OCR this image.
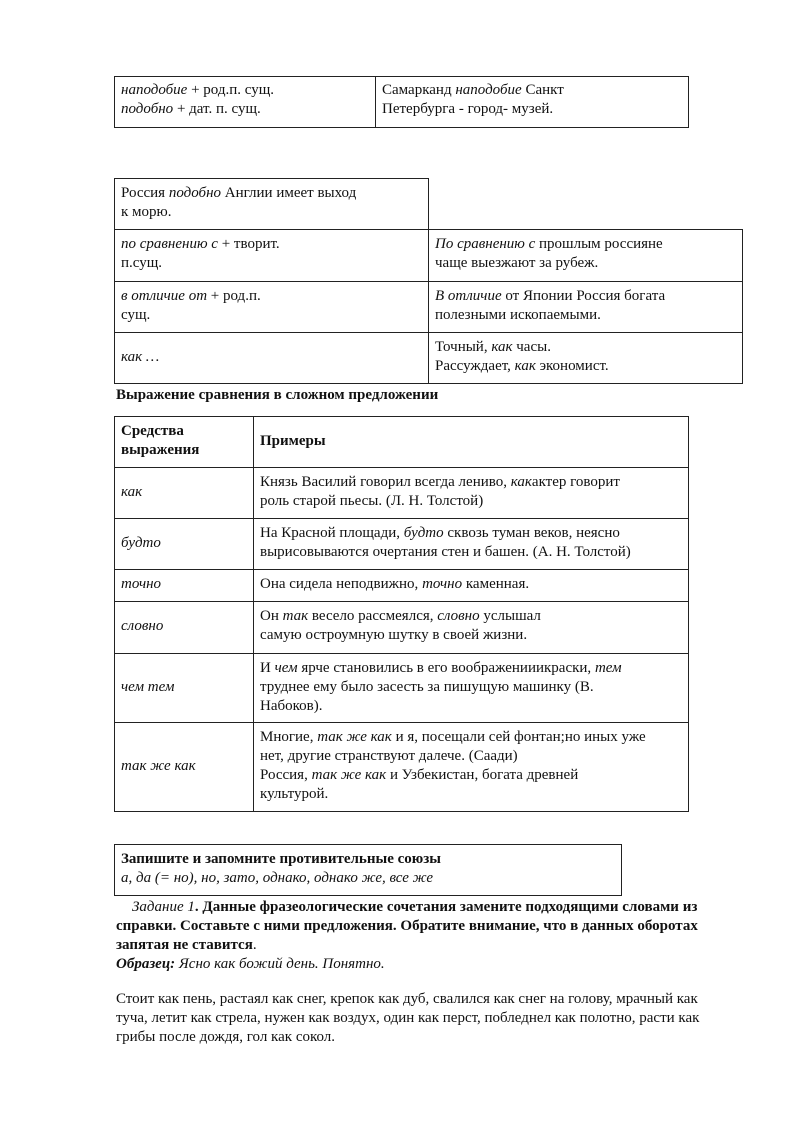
наподобие + род.п. сущ.
подобно + дат. п. сущ.
Самарканд наподобие Санкт
Петербурга - город- музей.
Россия подобно Англии имеет выход
к морю.
по сравнению с + творит.
п.сущ.
По сравнению с прошлым россияне
чаще выезжают за рубеж.
в отличие от + род.п.
сущ.
В отличие от Японии Россия богата
полезными ископаемыми.
как …
Точный, как часы.
Рассуждает, как экономист.
Выражение сравнения в сложном предложении
Средства
выражения
Примеры
как
Князь Василий говорил всегда лениво, какактер говорит
роль старой пьесы. (Л. Н. Толстой)
будто
На Красной площади, будто сквозь туман веков, неясно
вырисовываются очертания стен и башен. (А. Н. Толстой)
точно	Она сидела неподвижно, точно каменная.
словно
Он так весело рассмеялся, словно услышал
самую остроумную шутку в своей жизни.
чем тем
И чем ярче становились в его воображенииикраски, тем
труднее ему было засесть за пишущую машинку (В.
Набоков).
так же как
Многие, так же как и я, посещали сей фонтан;но иных уже
нет, другие странствуют далече. (Саади)
Россия, так же как и Узбекистан, богата древней
культурой.
Запишите и запомните противительные союзы
а, да (= но), но, зато, однако, однако же, все же
Задание 1. Данные фразеологические сочетания замените подходящими словами из
справки. Составьте с ними предложения. Обратите внимание, что в данных оборотах
запятая не ставится.
Образец: Ясно как божий день. Понятно.
Стоит как пень, растаял как снег, крепок как дуб, свалился как снег на голову, мрачный как
туча, летит как стрела, нужен как воздух, один как перст, побледнел как полотно, расти как
грибы после дождя, гол как сокол.
